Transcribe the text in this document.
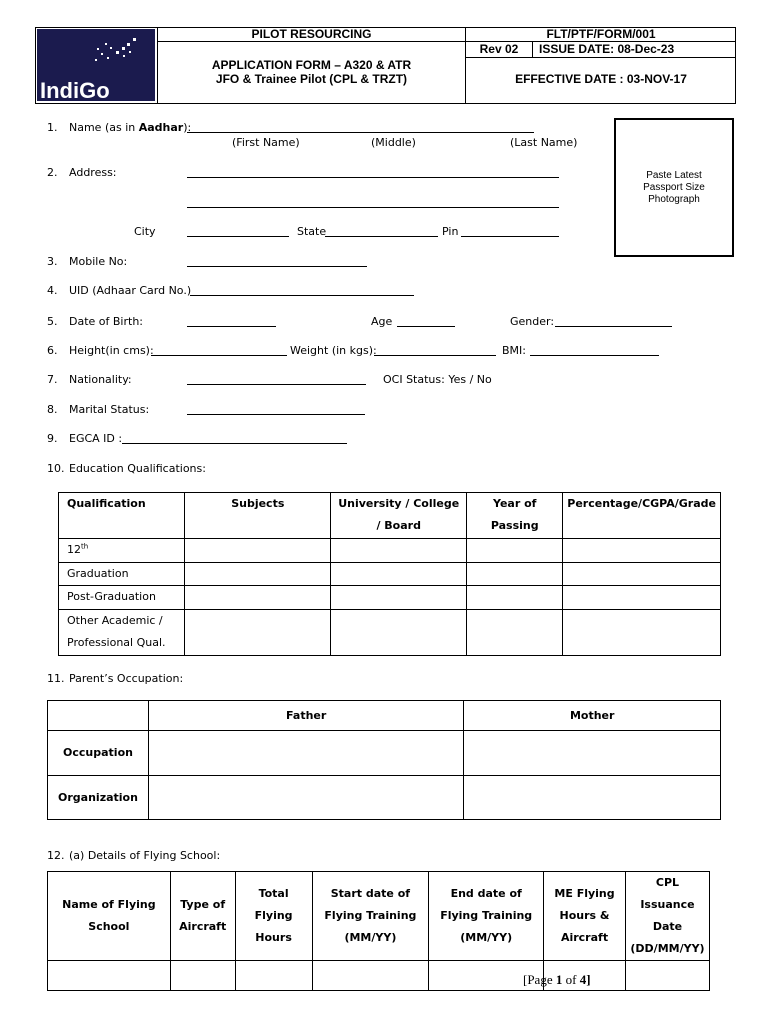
IndiGo
PILOT RESOURCING
APPLICATION FORM – A320 & ATR
JFO & Trainee Pilot (CPL & TRZT)
FLT/PTF/FORM/001
Rev 02	ISSUE DATE: 08-Dec-23
EFFECTIVE DATE : 03-NOV-17
Paste Latest
Passport Size
Photograph
1. Name (as in Aadhar):
(First Name)	(Middle)	(Last Name)
2. Address:
City	State	Pin
3. Mobile No:
4. UID (Adhaar Card No.)
5. Date of Birth:	Age	Gender:
6. Height(in cms):	Weight (in kgs):	BMI:
7. Nationality:	OCI Status: Yes / No
8. Marital Status:
9. EGCA ID :
10. Education Qualifications:
Qualification	Subjects	University / College / Board	Year of Passing	Percentage/CGPA/Grade
12th				
Graduation				
Post-Graduation				
Other Academic / Professional Qual.				
11. Parent’s Occupation:
	Father	Mother
Occupation		
Organization		
12. (a) Details of Flying School:
Name of Flying School	Type of Aircraft	Total Flying Hours	Start date of Flying Training (MM/YY)	End date of Flying Training (MM/YY)	ME Flying Hours & Aircraft	CPL Issuance Date (DD/MM/YY)

[Page 1 of 4]
